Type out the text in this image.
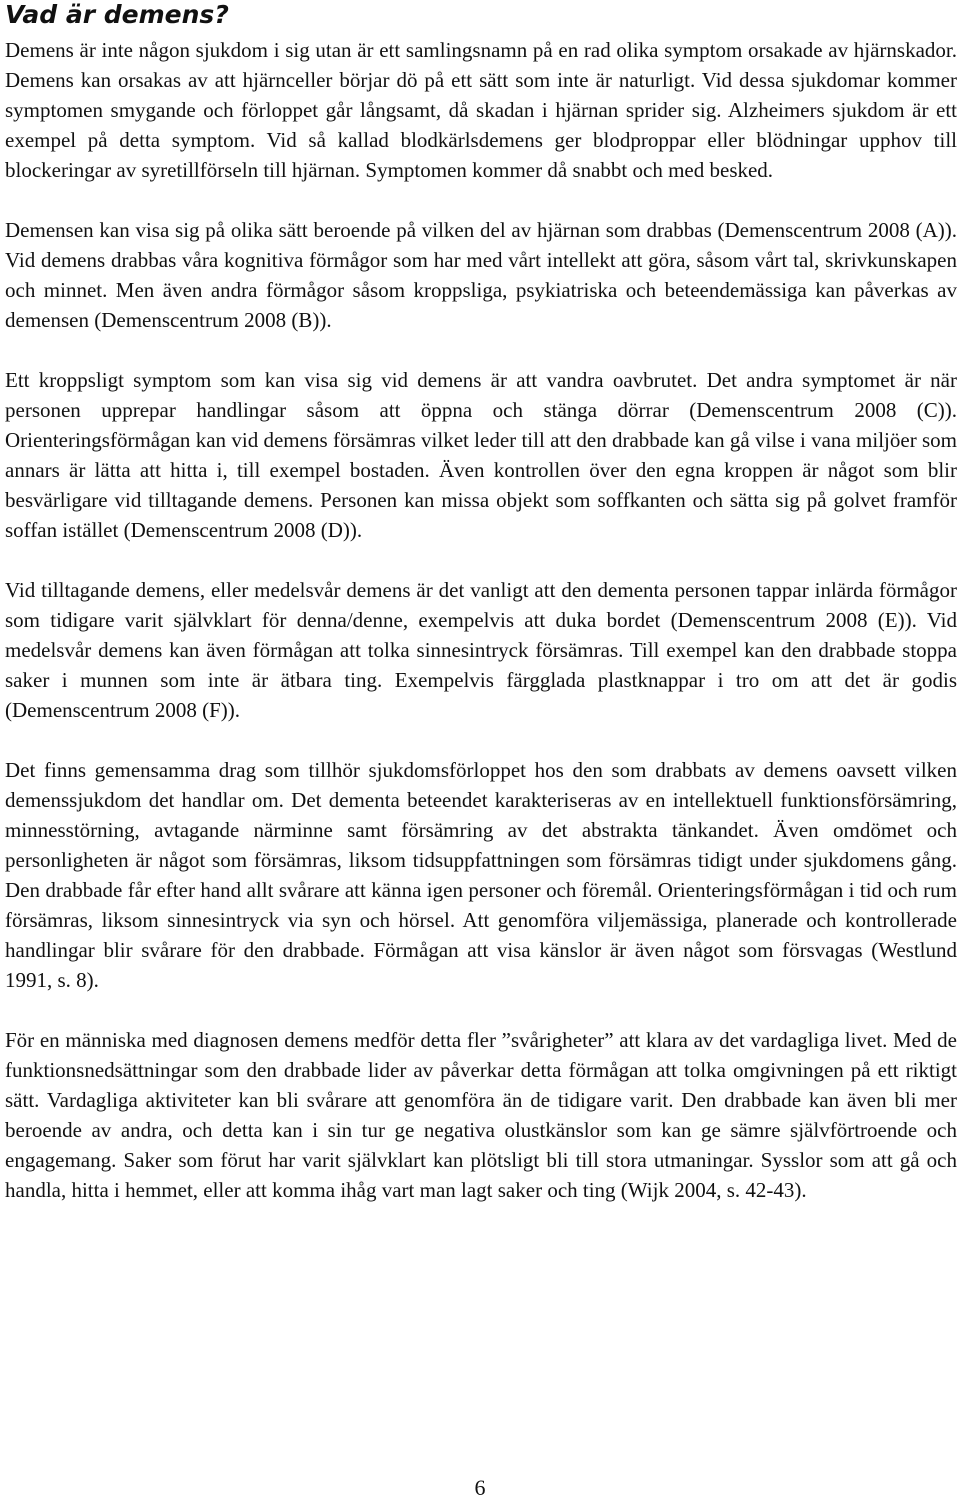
Vad är demens?

Demens är inte någon sjukdom i sig utan är ett samlingsnamn på en rad olika symptom orsakade av hjärnskador. Demens kan orsakas av att hjärnceller börjar dö på ett sätt som inte är naturligt. Vid dessa sjukdomar kommer symptomen smygande och förloppet går långsamt, då skadan i hjärnan sprider sig. Alzheimers sjukdom är ett exempel på detta symptom. Vid så kallad blodkärlsdemens ger blodproppar eller blödningar upphov till blockeringar av syretillförseln till hjärnan. Symptomen kommer då snabbt och med besked.

Demensen kan visa sig på olika sätt beroende på vilken del av hjärnan som drabbas (Demenscentrum 2008 (A)). Vid demens drabbas våra kognitiva förmågor som har med vårt intellekt att göra, såsom vårt tal, skrivkunskapen och minnet. Men även andra förmågor såsom kroppsliga, psykiatriska och beteendemässiga kan påverkas av demensen (Demenscentrum 2008 (B)).

Ett kroppsligt symptom som kan visa sig vid demens är att vandra oavbrutet. Det andra symptomet är när personen upprepar handlingar såsom att öppna och stänga dörrar (Demenscentrum 2008 (C)). Orienteringsförmågan kan vid demens försämras vilket leder till att den drabbade kan gå vilse i vana miljöer som annars är lätta att hitta i, till exempel bostaden. Även kontrollen över den egna kroppen är något som blir besvärligare vid tilltagande demens. Personen kan missa objekt som soffkanten och sätta sig på golvet framför soffan istället (Demenscentrum 2008 (D)).

Vid tilltagande demens, eller medelsvår demens är det vanligt att den dementa personen tappar inlärda förmågor som tidigare varit självklart för denna/denne, exempelvis att duka bordet (Demenscentrum 2008 (E)). Vid medelsvår demens kan även förmågan att tolka sinnesintryck försämras. Till exempel kan den drabbade stoppa saker i munnen som inte är ätbara ting. Exempelvis färgglada plastknappar i tro om att det är godis (Demenscentrum 2008 (F)).

Det finns gemensamma drag som tillhör sjukdomsförloppet hos den som drabbats av demens oavsett vilken demenssjukdom det handlar om. Det dementa beteendet karakteriseras av en intellektuell funktionsförsämring, minnesstörning, avtagande närminne samt försämring av det abstrakta tänkandet. Även omdömet och personligheten är något som försämras, liksom tidsuppfattningen som försämras tidigt under sjukdomens gång. Den drabbade får efter hand allt svårare att känna igen personer och föremål. Orienteringsförmågan i tid och rum försämras, liksom sinnesintryck via syn och hörsel. Att genomföra viljemässiga, planerade och kontrollerade handlingar blir svårare för den drabbade. Förmågan att visa känslor är även något som försvagas (Westlund 1991, s. 8).

För en människa med diagnosen demens medför detta fler ”svårigheter” att klara av det vardagliga livet. Med de funktionsnedsättningar som den drabbade lider av påverkar detta förmågan att tolka omgivningen på ett riktigt sätt. Vardagliga aktiviteter kan bli svårare att genomföra än de tidigare varit. Den drabbade kan även bli mer beroende av andra, och detta kan i sin tur ge negativa olustkänslor som kan ge sämre självförtroende och engagemang. Saker som förut har varit självklart kan plötsligt bli till stora utmaningar. Sysslor som att gå och handla, hitta i hemmet, eller att komma ihåg vart man lagt saker och ting (Wijk 2004, s. 42-43).

6
